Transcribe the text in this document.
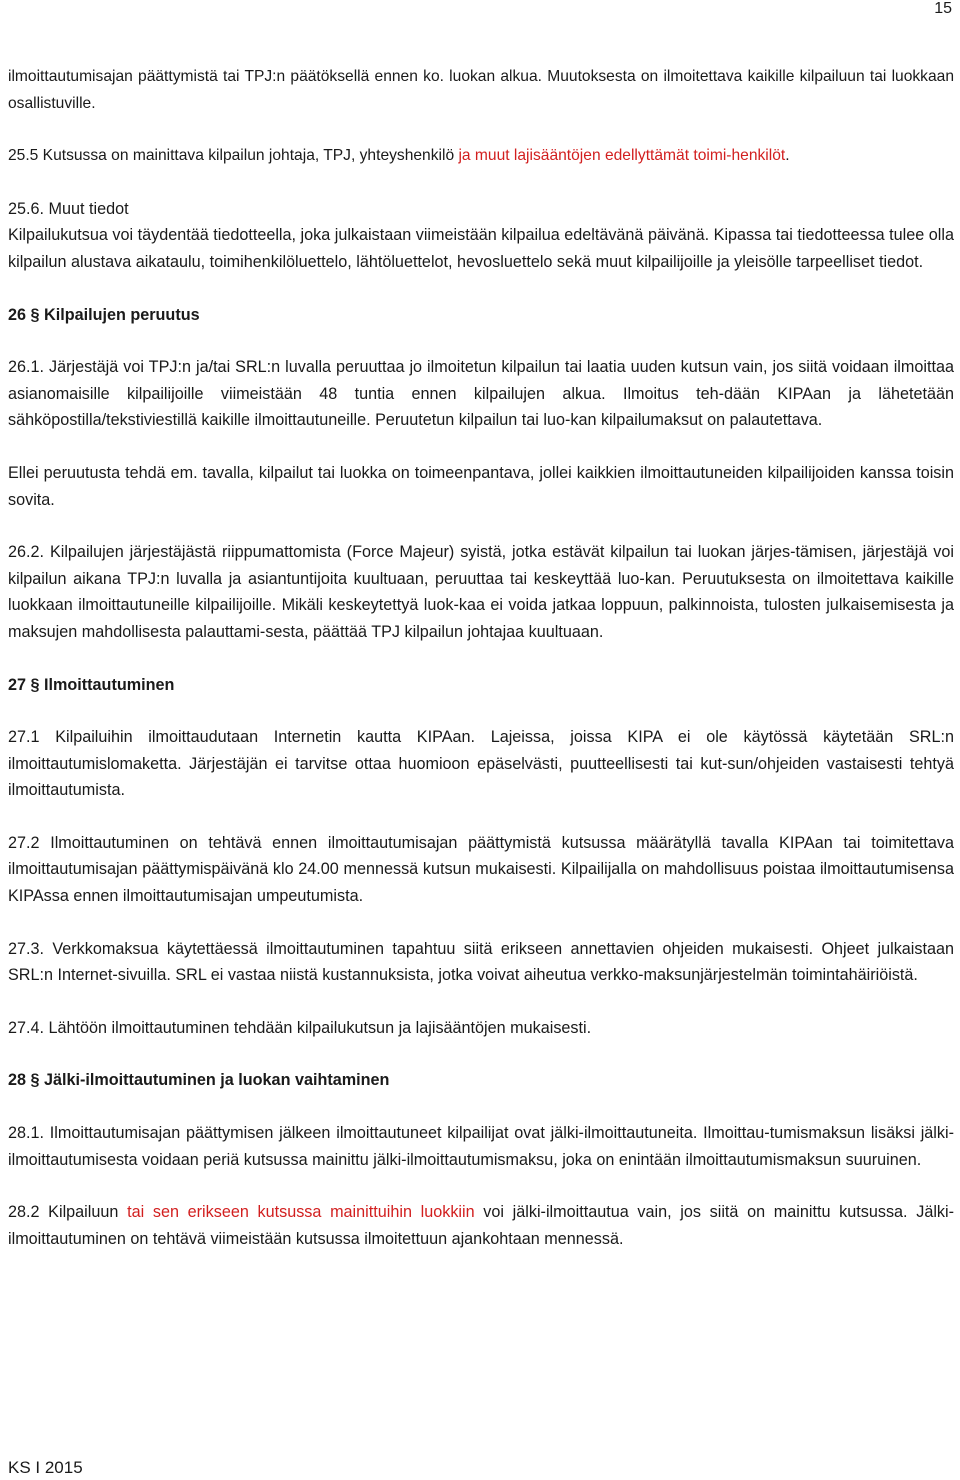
15

ilmoittautumisajan päättymistä tai TPJ:n päätöksellä ennen ko. luokan alkua. Muutoksesta on ilmoitettava kaikille kilpailuun tai luokkaan osallistuville.

25.5 Kutsussa on mainittava kilpailun johtaja, TPJ, yhteyshenkilö ja muut lajisääntöjen edellyttämät toimi-henkilöt.

25.6. Muut tiedot
Kilpailukutsua voi täydentää tiedotteella, joka julkaistaan viimeistään kilpailua edeltävänä päivänä. Kipassa tai tiedotteessa tulee olla kilpailun alustava aikataulu, toimihenkilöluettelo, lähtöluettelot, hevosluettelo sekä muut kilpailijoille ja yleisölle tarpeelliset tiedot.

26 § Kilpailujen peruutus

26.1. Järjestäjä voi TPJ:n ja/tai SRL:n luvalla peruuttaa jo ilmoitetun kilpailun tai laatia uuden kutsun vain, jos siitä voidaan ilmoittaa asianomaisille kilpailijoille viimeistään 48 tuntia ennen kilpailujen alkua. Ilmoitus teh-dään KIPAan ja lähetetään sähköpostilla/tekstiviestillä kaikille ilmoittautuneille. Peruutetun kilpailun tai luo-kan kilpailumaksut on palautettava.

Ellei peruutusta tehdä em. tavalla, kilpailut tai luokka on toimeenpantava, jollei kaikkien ilmoittautuneiden kilpailijoiden kanssa toisin sovita.

26.2. Kilpailujen järjestäjästä riippumattomista (Force Majeur) syistä, jotka estävät kilpailun tai luokan järjes-tämisen, järjestäjä voi kilpailun aikana TPJ:n luvalla ja asiantuntijoita kuultuaan, peruuttaa tai keskeyttää luo-kan. Peruutuksesta on ilmoitettava kaikille luokkaan ilmoittautuneille kilpailijoille. Mikäli keskeytettyä luok-kaa ei voida jatkaa loppuun, palkinnoista, tulosten julkaisemisesta ja maksujen mahdollisesta palauttami-sesta, päättää TPJ kilpailun johtajaa kuultuaan.

27 § Ilmoittautuminen

27.1 Kilpailuihin ilmoittaudutaan Internetin kautta KIPAan. Lajeissa, joissa KIPA ei ole käytössä käytetään SRL:n ilmoittautumislomaketta. Järjestäjän ei tarvitse ottaa huomioon epäselvästi, puutteellisesti tai kut-sun/ohjeiden vastaisesti tehtyä ilmoittautumista.

27.2 Ilmoittautuminen on tehtävä ennen ilmoittautumisajan päättymistä kutsussa määrätyllä tavalla KIPAan tai toimitettava ilmoittautumisajan päättymispäivänä klo 24.00 mennessä kutsun mukaisesti. Kilpailijalla on mahdollisuus poistaa ilmoittautumisensa KIPAssa ennen ilmoittautumisajan umpeutumista.

27.3. Verkkomaksua käytettäessä ilmoittautuminen tapahtuu siitä erikseen annettavien ohjeiden mukaisesti. Ohjeet julkaistaan SRL:n Internet-sivuilla. SRL ei vastaa niistä kustannuksista, jotka voivat aiheutua verkko-maksunjärjestelmän toimintahäiriöistä.

27.4. Lähtöön ilmoittautuminen tehdään kilpailukutsun ja lajisääntöjen mukaisesti.

28 § Jälki-ilmoittautuminen ja luokan vaihtaminen

28.1. Ilmoittautumisajan päättymisen jälkeen ilmoittautuneet kilpailijat ovat jälki-ilmoittautuneita. Ilmoittau-tumismaksun lisäksi jälki-ilmoittautumisesta voidaan periä kutsussa mainittu jälki-ilmoittautumismaksu, joka on enintään ilmoittautumismaksun suuruinen.

28.2 Kilpailuun tai sen erikseen kutsussa mainittuihin luokkiin voi jälki-ilmoittautua vain, jos siitä on mainittu kutsussa. Jälki-ilmoittautuminen on tehtävä viimeistään kutsussa ilmoitettuun ajankohtaan mennessä.

KS I 2015
